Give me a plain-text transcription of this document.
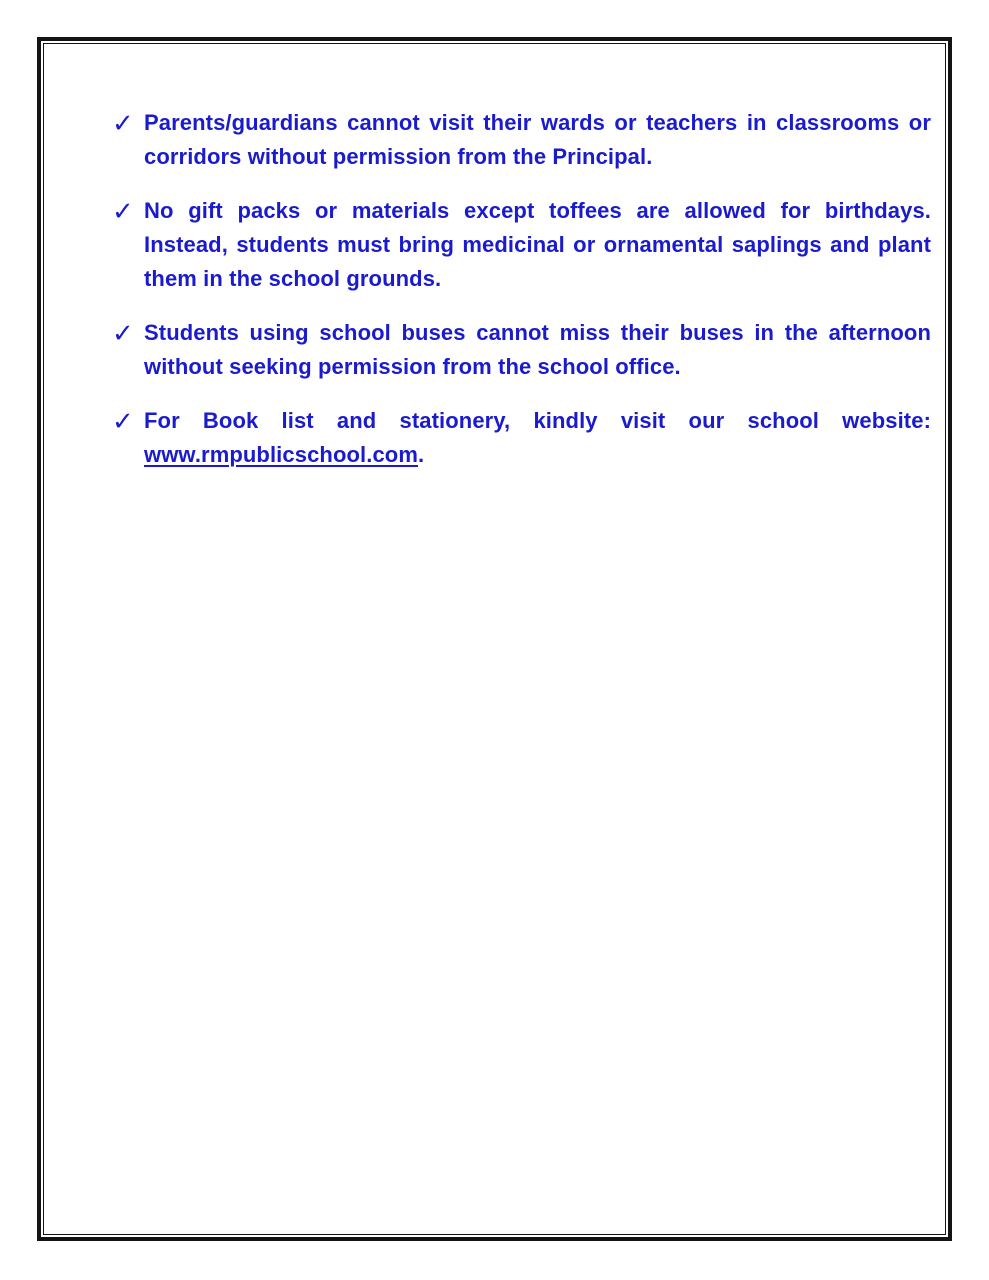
✓ Parents/guardians cannot visit their wards or teachers in classrooms or corridors without permission from the Principal.

✓ No gift packs or materials except toffees are allowed for birthdays. Instead, students must bring medicinal or ornamental saplings and plant them in the school grounds.

✓ Students using school buses cannot miss their buses in the afternoon without seeking permission from the school office.

✓ For Book list and stationery, kindly visit our school website: www.rmpublicschool.com.
